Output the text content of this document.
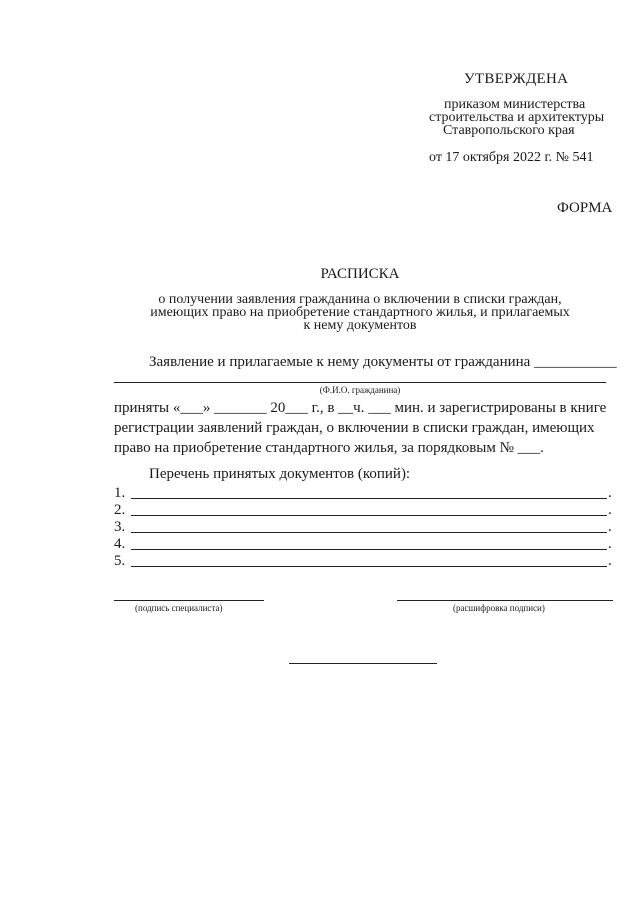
УТВЕРЖДЕНА
приказом министерства
строительства и архитектуры
Ставропольского края
от 17 октября 2022 г. № 541
ФОРМА
РАСПИСКА
о получении заявления гражданина о включении в списки граждан,
имеющих право на приобретение стандартного жилья, и прилагаемых
к нему документов
Заявление и прилагаемые к нему документы от гражданина ___________
(Ф.И.О. гражданина)
приняты «___» _______ 20___ г., в __ч. ___ мин. и зарегистрированы в книге
регистрации заявлений граждан, о включении в списки граждан, имеющих
право на приобретение стандартного жилья, за порядковым № ___.
Перечень принятых документов (копий):
1.	.
2.	.
3.	.
4.	.
5.	.
(подпись специалиста)	(расшифровка подписи)
